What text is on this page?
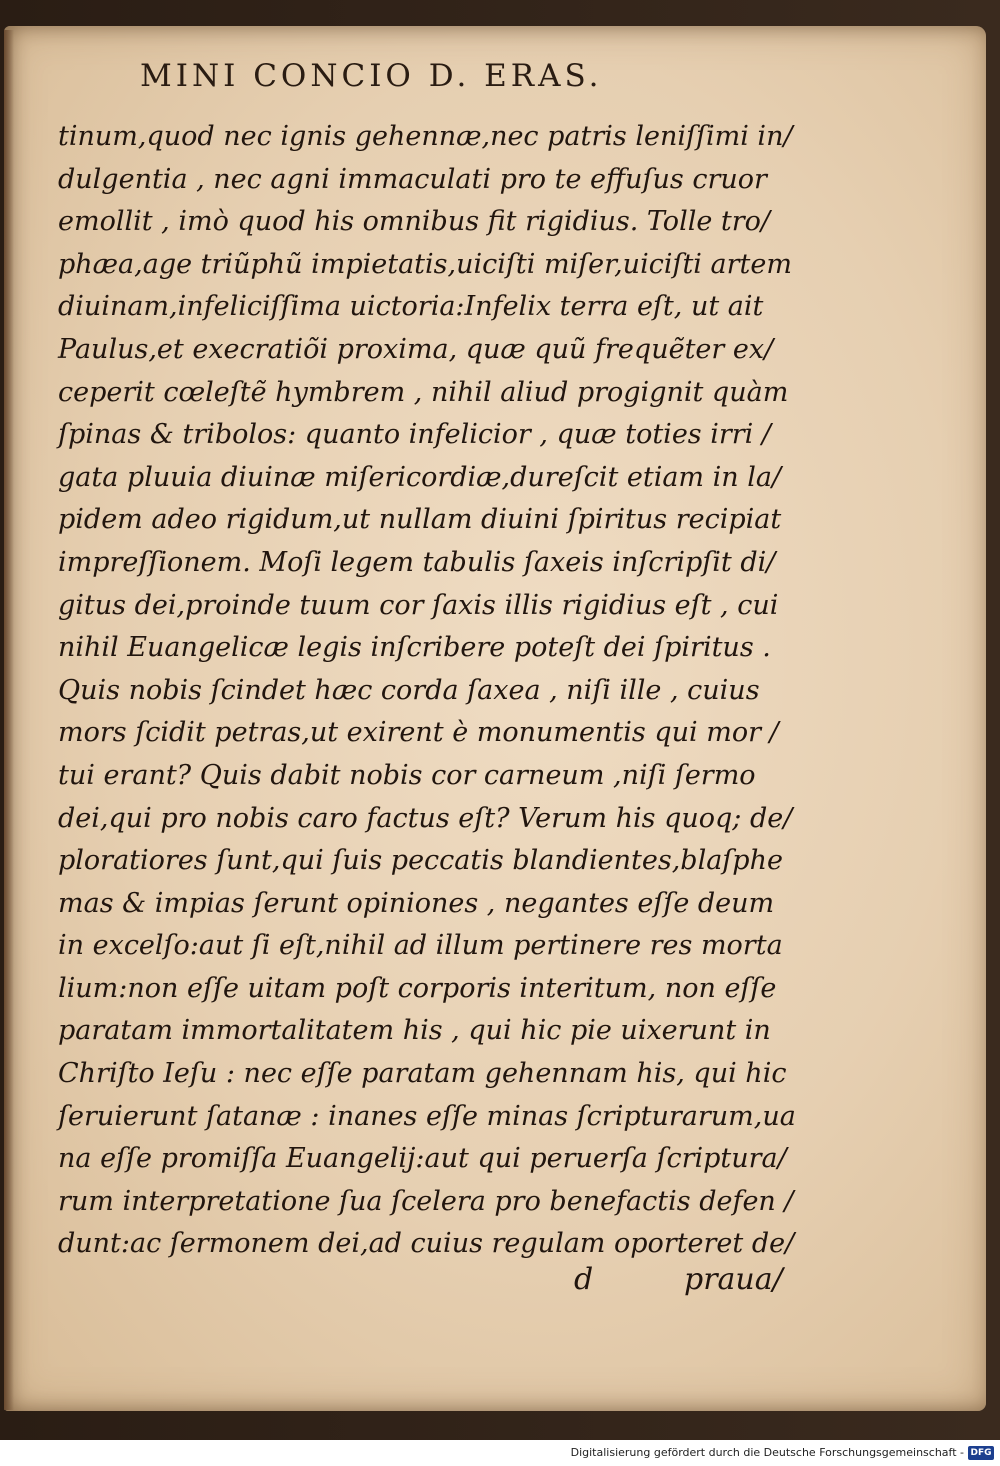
MINI CONCIO D. ERAS.
tinum,quod nec ignis gehennæ,nec patris leniſſimi in/
dulgentia , nec agni immaculati pro te effuſus cruor
emollit , imò quod his omnibus fit rigidius. Tolle tro/
phæa,age triũphũ impietatis,uiciſti miſer,uiciſti artem
diuinam,infeliciſſima uictoria:Infelix terra eſt, ut ait
Paulus,et execratiõi proxima, quæ quũ frequẽter ex/
ceperit cœleſtẽ hymbrem , nihil aliud progignit quàm
ſpinas & tribolos: quanto infelicior , quæ toties irri /
gata pluuia diuinæ miſericordiæ,dureſcit etiam in la/
pidem adeo rigidum,ut nullam diuini ſpiritus recipiat
impreſſionem. Moſi legem tabulis ſaxeis inſcripſit di/
gitus dei,proinde tuum cor ſaxis illis rigidius eſt , cui
nihil Euangelicæ legis inſcribere poteſt dei ſpiritus .
Quis nobis ſcindet hæc corda ſaxea , niſi ille , cuius
mors ſcidit petras,ut exirent è monumentis qui mor /
tui erant? Quis dabit nobis cor carneum ,niſi ſermo
dei,qui pro nobis caro factus eſt? Verum his quoq; de/
ploratiores ſunt,qui ſuis peccatis blandientes,blaſphe
mas & impias ſerunt opiniones , negantes eſſe deum
in excelſo:aut ſi eſt,nihil ad illum pertinere res morta
lium:non eſſe uitam poſt corporis interitum, non eſſe
paratam immortalitatem his , qui hic pie uixerunt in
Chriſto Ieſu : nec eſſe paratam gehennam his, qui hic
ſeruierunt ſatanæ : inanes eſſe minas ſcripturarum,ua
na eſſe promiſſa Euangelij:aut qui peruerſa ſcriptura/
rum interpretatione ſua ſcelera pro benefactis defen /
dunt:ac ſermonem dei,ad cuius regulam oporteret de/
d	praua/
Digitalisierung gefördert durch die Deutsche Forschungsgemeinschaft - DFG
